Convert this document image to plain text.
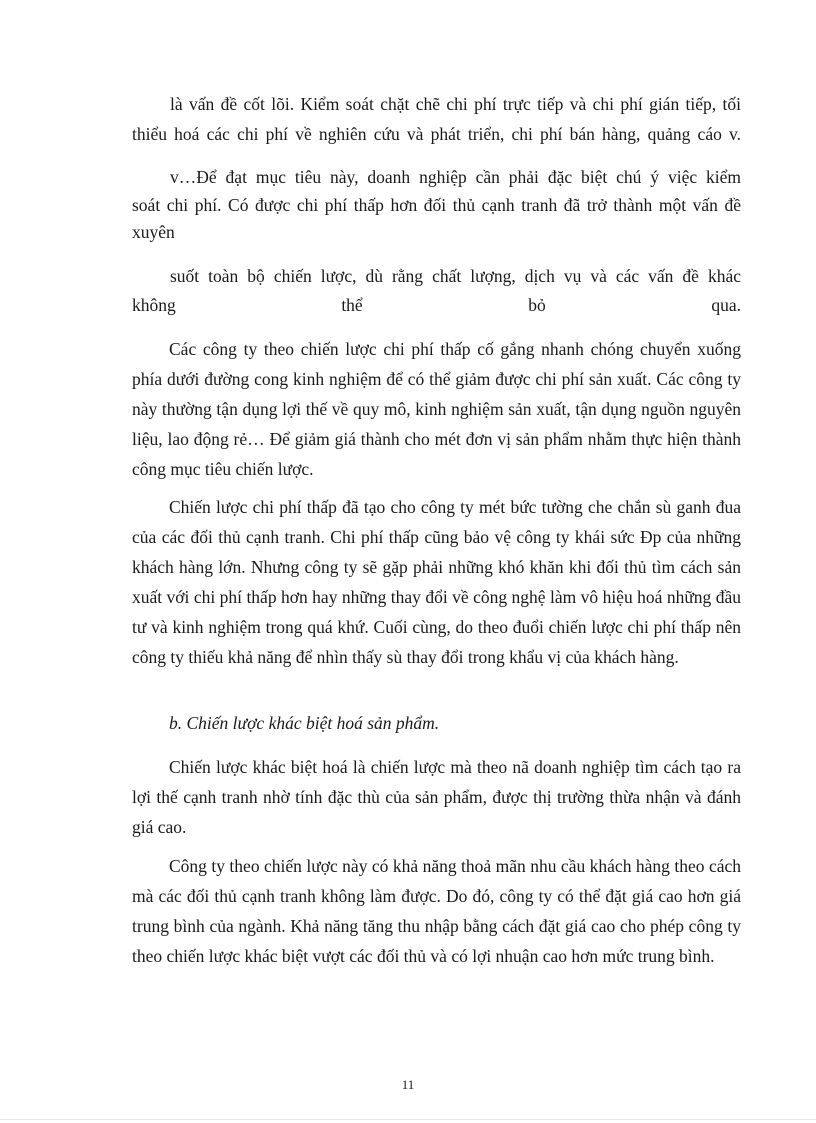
là vấn đề cốt lõi. Kiểm soát chặt chẽ chi phí trực tiếp và chi phí gián tiếp, tối

thiểu hoá các chi phí về nghiên cứu và phát triển, chi phí bán hàng, quảng cáo v.

v…Để đạt mục tiêu này, doanh nghiệp cần phải đặc biệt chú ý việc kiểm

soát chi phí. Có được chi phí thấp hơn đối thủ cạnh tranh đã trở thành một vấn đề

xuyên

suốt toàn bộ chiến lược, dù rằng chất lượng, dịch vụ và các vấn đề khác

không thể bỏ qua.

Các công ty theo chiến lược chi phí thấp cố gắng nhanh chóng chuyển xuống phía dưới đường cong kinh nghiệm để có thể giảm được chi phí sản xuất. Các công ty này thường tận dụng lợi thế về quy mô, kinh nghiệm sản xuất, tận dụng nguồn nguyên liệu, lao động rẻ… Để giảm giá thành cho mét đơn vị sản phẩm nhằm thực hiện thành công mục tiêu chiến lược.

Chiến lược chi phí thấp đã tạo cho công ty mét bức tường che chắn sù ganh đua của các đối thủ cạnh tranh. Chi phí thấp cũng bảo vệ công ty khái sức Đp của những khách hàng lớn. Nhưng công ty sẽ gặp phải những khó khăn khi đối thủ tìm cách sản xuất với chi phí thấp hơn hay những thay đổi về công nghệ làm vô hiệu hoá những đầu tư và kinh nghiệm trong quá khứ. Cuối cùng, do theo đuổi chiến lược chi phí thấp nên công ty thiếu khả năng để nhìn thấy sù thay đổi trong khẩu vị của khách hàng.

b. Chiến lược khác biệt hoá sản phẩm.

Chiến lược khác biệt hoá là chiến lược mà theo nã doanh nghiệp tìm cách tạo ra lợi thế cạnh tranh nhờ tính đặc thù của sản phẩm, được thị trường thừa nhận và đánh giá cao.

Công ty theo chiến lược này có khả năng thoả mãn nhu cầu khách hàng theo cách mà các đối thủ cạnh tranh không làm được. Do đó, công ty có thể đặt giá cao hơn giá trung bình của ngành. Khả năng tăng thu nhập bằng cách đặt giá cao cho phép công ty theo chiến lược khác biệt vượt các đối thủ và có lợi nhuận cao hơn mức trung bình.

11
